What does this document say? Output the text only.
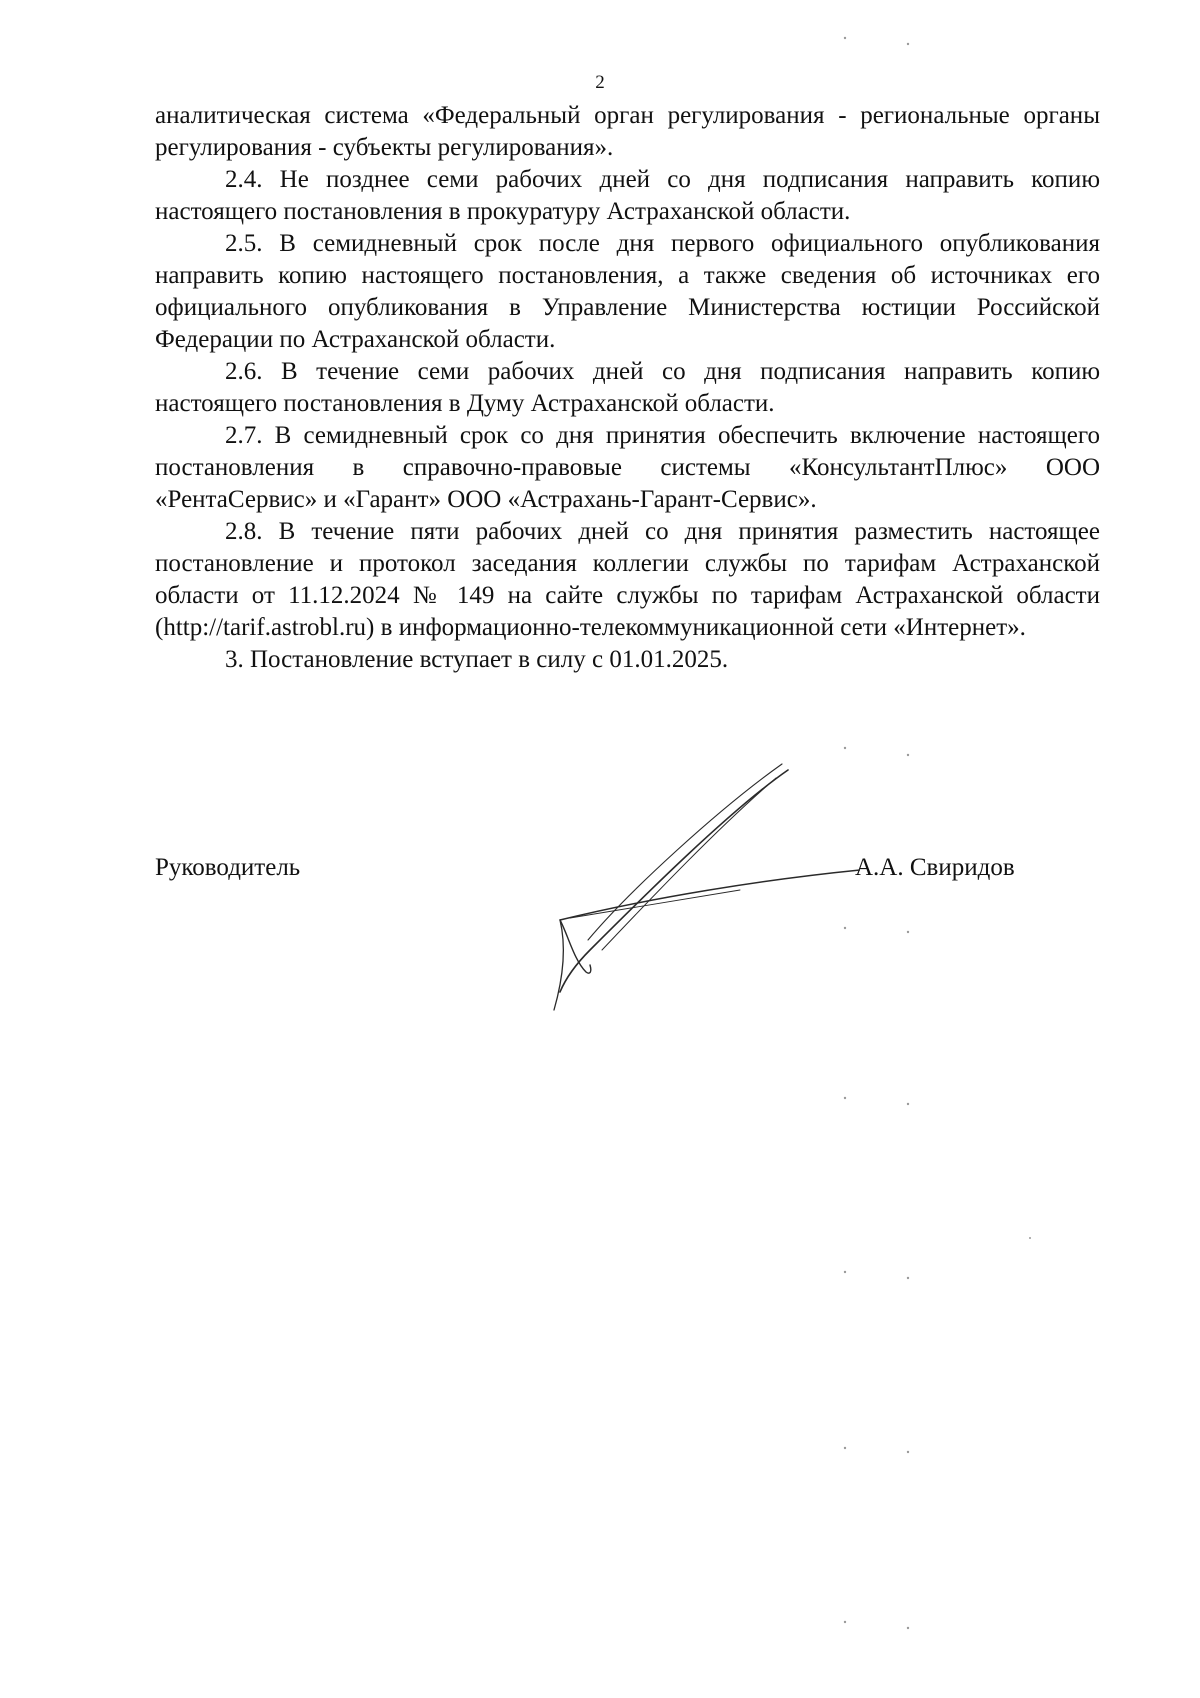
2

аналитическая система «Федеральный орган регулирования - региональные органы регулирования - субъекты регулирования».

2.4. Не позднее семи рабочих дней со дня подписания направить копию настоящего постановления в прокуратуру Астраханской области.

2.5. В семидневный срок после дня первого официального опубликования направить копию настоящего постановления, а также сведения об источниках его официального опубликования в Управление Министерства юстиции Российской Федерации по Астраханской области.

2.6. В течение семи рабочих дней со дня подписания направить копию настоящего постановления в Думу Астраханской области.

2.7. В семидневный срок со дня принятия обеспечить включение настоящего постановления в справочно-правовые системы «КонсультантПлюс» ООО «РентаСервис» и «Гарант» ООО «Астрахань-Гарант-Сервис».

2.8. В течение пяти рабочих дней со дня принятия разместить настоящее постановление и протокол заседания коллегии службы по тарифам Астраханской области от 11.12.2024 № 149 на сайте службы по тарифам Астраханской области (http://tarif.astrobl.ru) в информационно-телекоммуникационной сети «Интернет».

3. Постановление вступает в силу с 01.01.2025.

Руководитель	А.А. Свиридов
